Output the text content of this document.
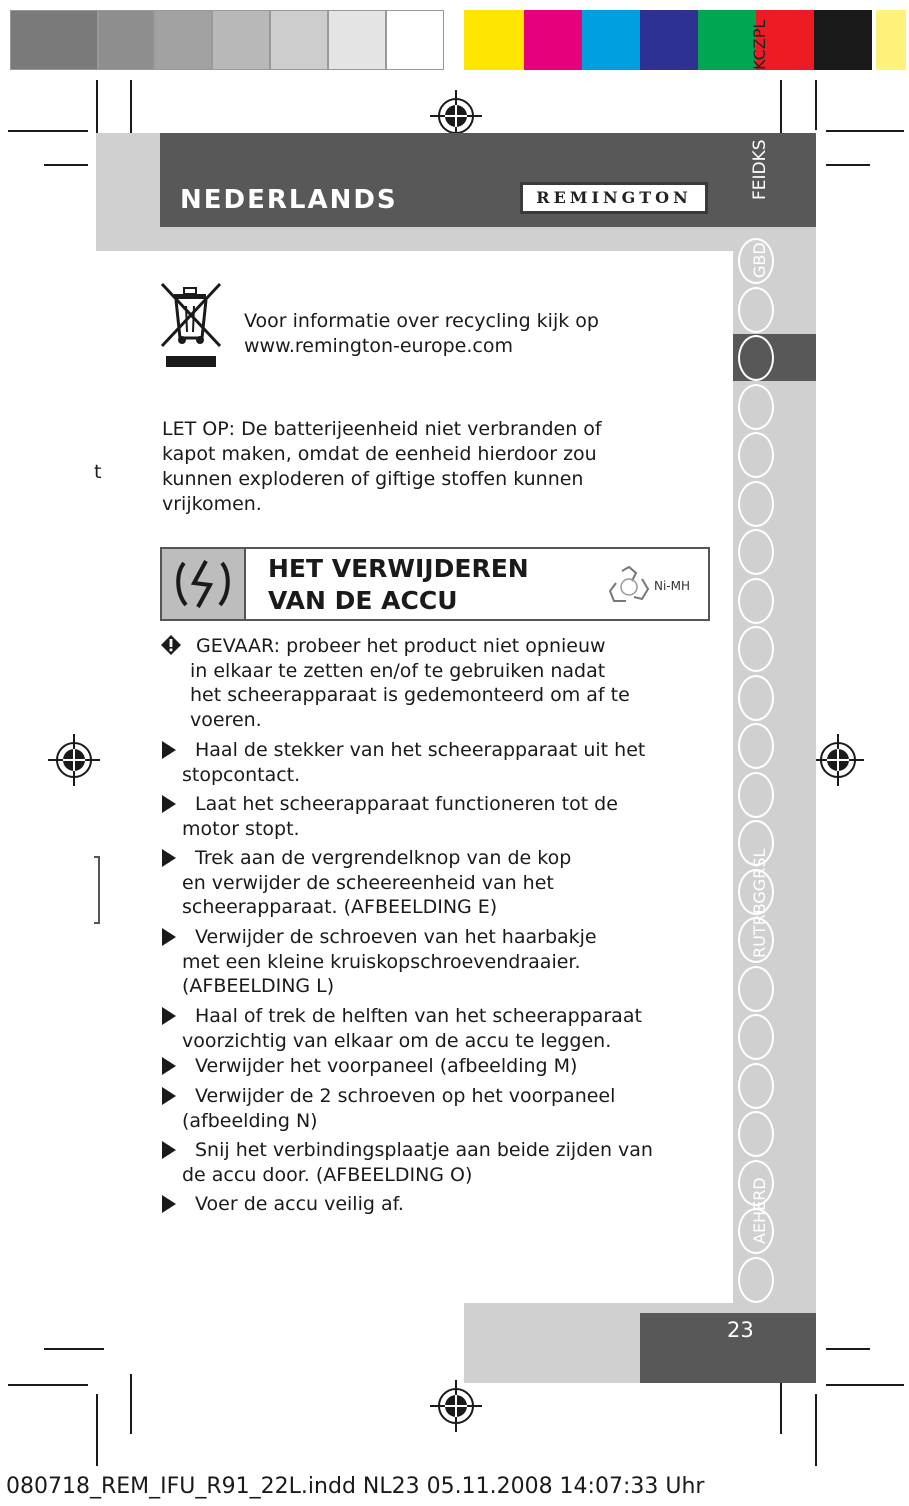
KCZPL
NEDERLANDS	REMINGTON	FEIDKS
GBD
RUTRBGGRSL
AEHERD
23
Voor informatie over recycling kijk op
www.remington-europe.com
t
LET OP: De batterijeenheid niet verbranden of
kapot maken, omdat de eenheid hierdoor zou
kunnen exploderen of giftige stoffen kunnen
vrijkomen.
HET VERWIJDEREN
VAN DE ACCU	Ni-MH
GEVAAR: probeer het product niet opnieuw
in elkaar te zetten en/of te gebruiken nadat
het scheerapparaat is gedemonteerd om af te
voeren.
Haal de stekker van het scheerapparaat uit het
stopcontact.
Laat het scheerapparaat functioneren tot de
motor stopt.
Trek aan de vergrendelknop van de kop
en verwijder de scheereenheid van het
scheerapparaat. (AFBEELDING E)
Verwijder de schroeven van het haarbakje
met een kleine kruiskopschroevendraaier.
(AFBEELDING L)
Haal of trek de helften van het scheerapparaat
voorzichtig van elkaar om de accu te leggen.
Verwijder het voorpaneel (afbeelding M)
Verwijder de 2 schroeven op het voorpaneel
(afbeelding N)
Snij het verbindingsplaatje aan beide zijden van
de accu door. (AFBEELDING O)
Voer de accu veilig af.
080718_REM_IFU_R91_22L.indd NL23 05.11.2008 14:07:33 Uhr
